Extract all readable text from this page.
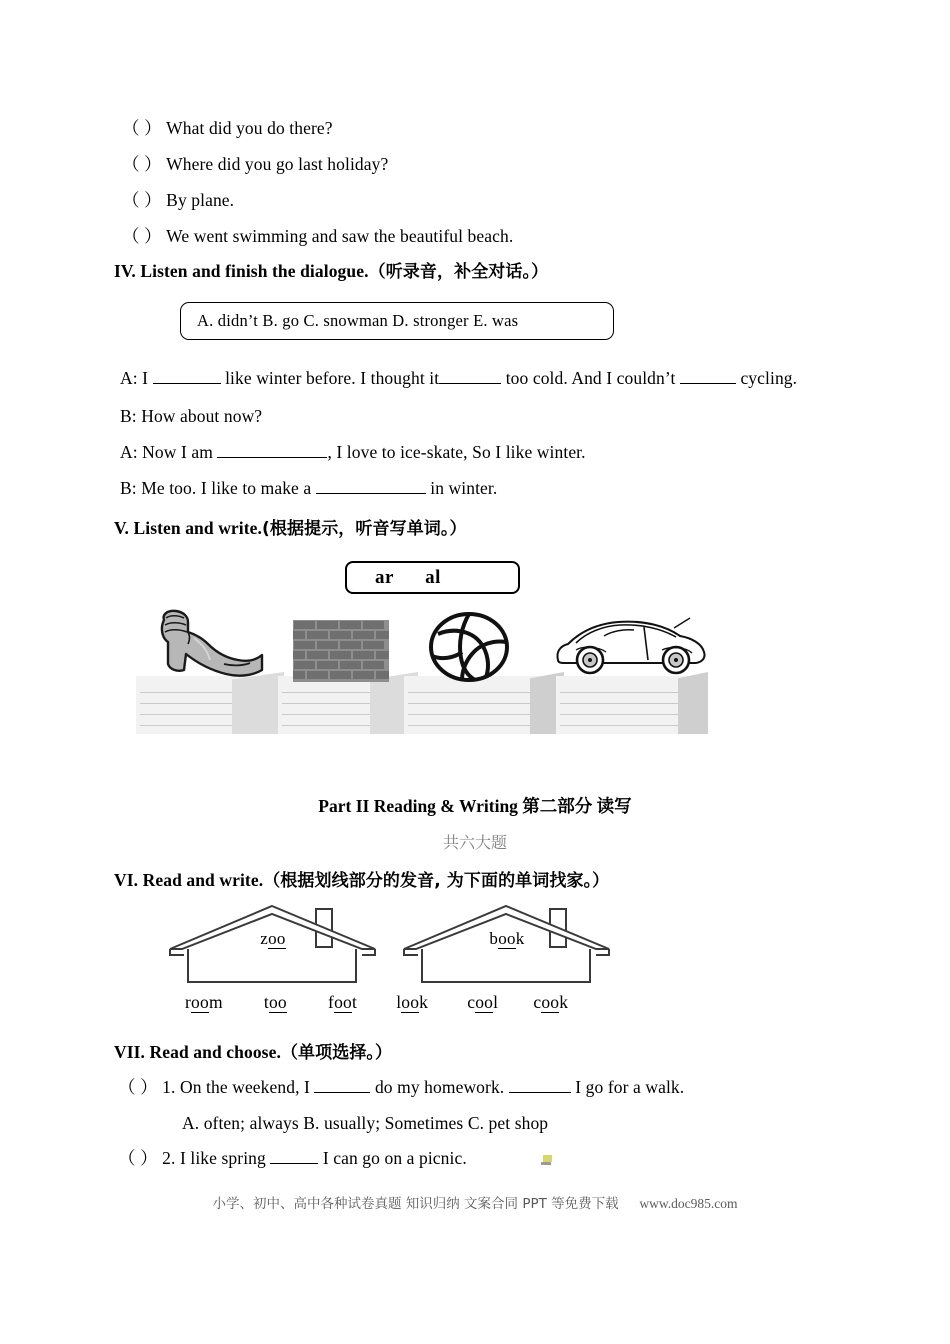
（ ） What did you do there?
（ ） Where did you go last holiday?
（ ） By plane.
（ ） We went swimming and saw the beautiful beach.
IV. Listen and finish the dialogue.（听录音，补全对话。）
A. didn’t B. go C. snowman D. stronger E. was
A: I	like winter before. I thought it	too cold. And I couldn’t	cycling.
B: How about now?
A: Now I am	, I love to ice-skate, So I like winter.
B: Me too. I like to make a	in winter.
V. Listen and write.(根据提示，听音写单词。）
ar      al
Part II Reading & Writing 第二部分 读写
共六大题
VI. Read and write.（根据划线部分的发音, 为下面的单词找家。）
zoo	book
room too foot look cool cook
VII. Read and choose.（单项选择。）
（ ） 1. On the weekend, I	do my homework.	I go for a walk.
A. often; always B. usually; Sometimes C. pet shop
（ ） 2. I like spring	I can go on a picnic.
小学、初中、高中各种试卷真题 知识归纳 文案合同 PPT 等免费下载 www.doc985.com
